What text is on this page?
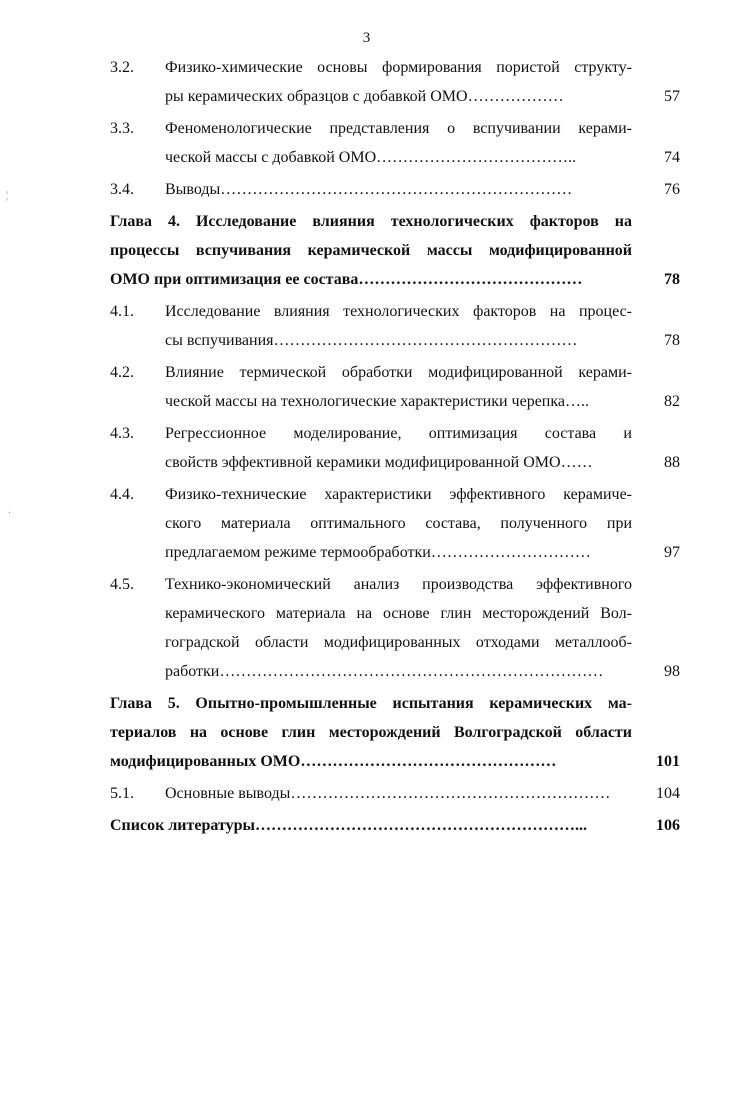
3
¦
·
3.2. Физико-химические основы формирования пористой структу-
ры керамических образцов с добавкой ОМО………………	57
3.3. Феноменологические представления о вспучивании керами-
ческой массы с добавкой ОМО………………………………..	74
3.4. Выводы…………………………………………………………	76
Глава 4. Исследование влияния технологических факторов на
процессы вспучивания керамической массы модифицированной
ОМО при оптимизация ее состава……………………………………	78
4.1. Исследование влияния технологических факторов на процес-
сы вспучивания…………………………………………………	78
4.2. Влияние термической обработки модифицированной керами-
ческой массы на технологические характеристики черепка…..	82
4.3. Регрессионное моделирование, оптимизация состава и
свойств эффективной керамики модифицированной ОМО……	88
4.4. Физико-технические характеристики эффективного керамиче-
ского материала оптимального состава, полученного при
предлагаемом режиме термообработки…………………………	97
4.5. Технико-экономический анализ производства эффективного
керамического материала на основе глин месторождений Вол-
гоградской области модифицированных отходами металлооб-
работки………………………………………………………………	98
Глава 5. Опытно-промышленные испытания керамических ма-
териалов на основе глин месторождений Волгоградской области
модифицированных ОМО…………………………………………	101
5.1. Основные выводы……………………………………………………	104
Список литературы……………………………………………………...	106
